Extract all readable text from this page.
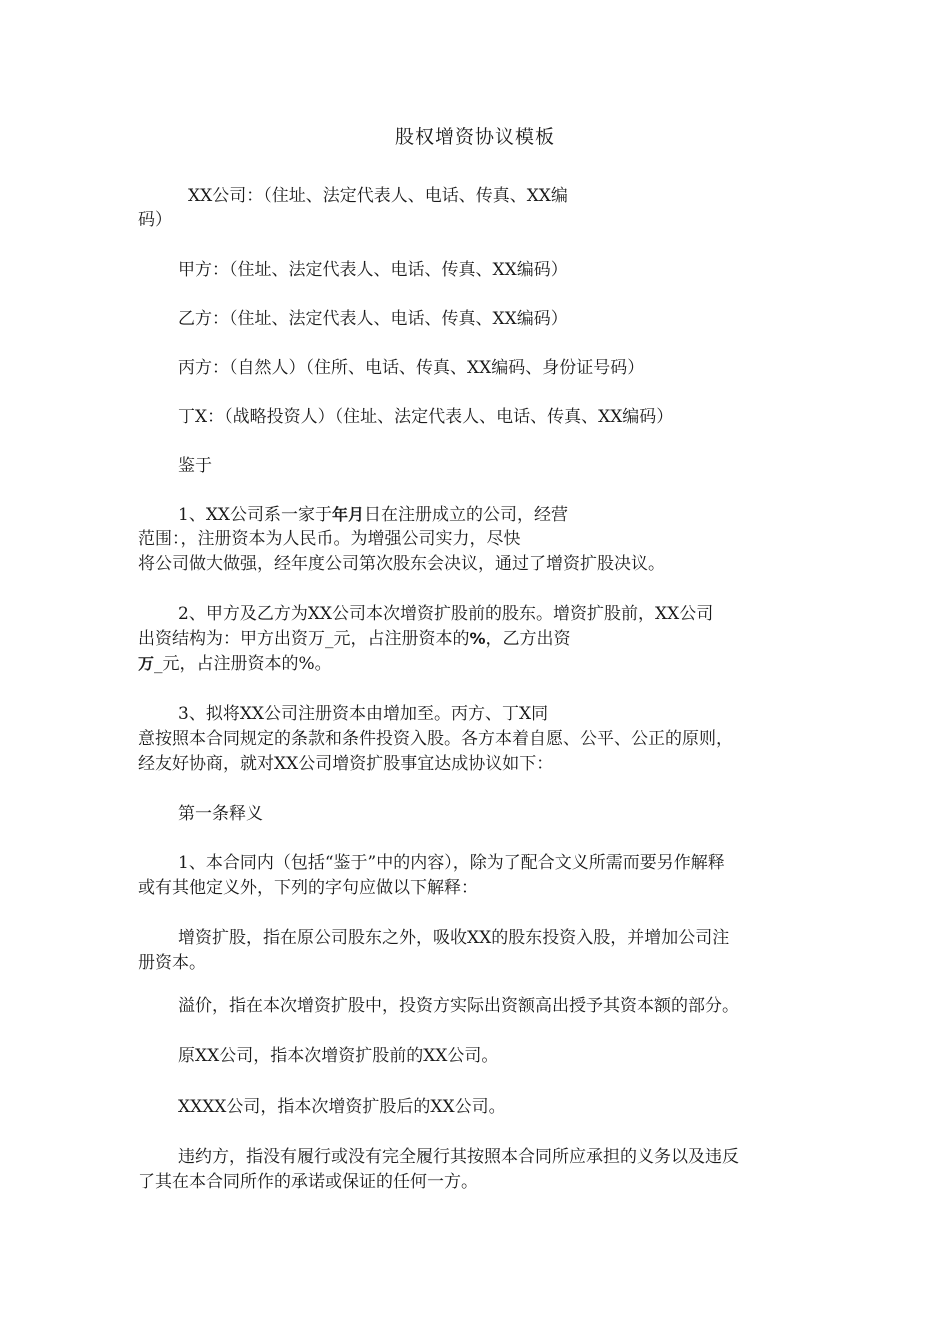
股权增资协议模板
XX公司：（住址、法定代表人、电话、传真、XX编
码）
甲方：（住址、法定代表人、电话、传真、XX编码）
乙方：（住址、法定代表人、电话、传真、XX编码）
丙方：（自然人）（住所、电话、传真、XX编码、身份证号码）
丁X：（战略投资人）（住址、法定代表人、电话、传真、XX编码）
鉴于
1、XX公司系一家于年月日在注册成立的公司，经营
范围：，注册资本为人民币。为增强公司实力，尽快
将公司做大做强，经年度公司第次股东会决议，通过了增资扩股决议。
2、甲方及乙方为XX公司本次增资扩股前的股东。增资扩股前，XX公司
出资结构为：甲方出资万_元，占注册资本的%，乙方出资
万_元，占注册资本的%。
3、拟将XX公司注册资本由增加至。丙方、丁X同
意按照本合同规定的条款和条件投资入股。各方本着自愿、公平、公正的原则，
经友好协商，就对XX公司增资扩股事宜达成协议如下：
第一条释义
1、本合同内（包括“鉴于”中的内容），除为了配合文义所需而要另作解释
或有其他定义外，下列的字句应做以下解释：
增资扩股，指在原公司股东之外，吸收XX的股东投资入股，并增加公司注
册资本。
溢价，指在本次增资扩股中，投资方实际出资额高出授予其资本额的部分。
原XX公司，指本次增资扩股前的XX公司。
XXXX公司，指本次增资扩股后的XX公司。
违约方，指没有履行或没有完全履行其按照本合同所应承担的义务以及违反
了其在本合同所作的承诺或保证的任何一方。
